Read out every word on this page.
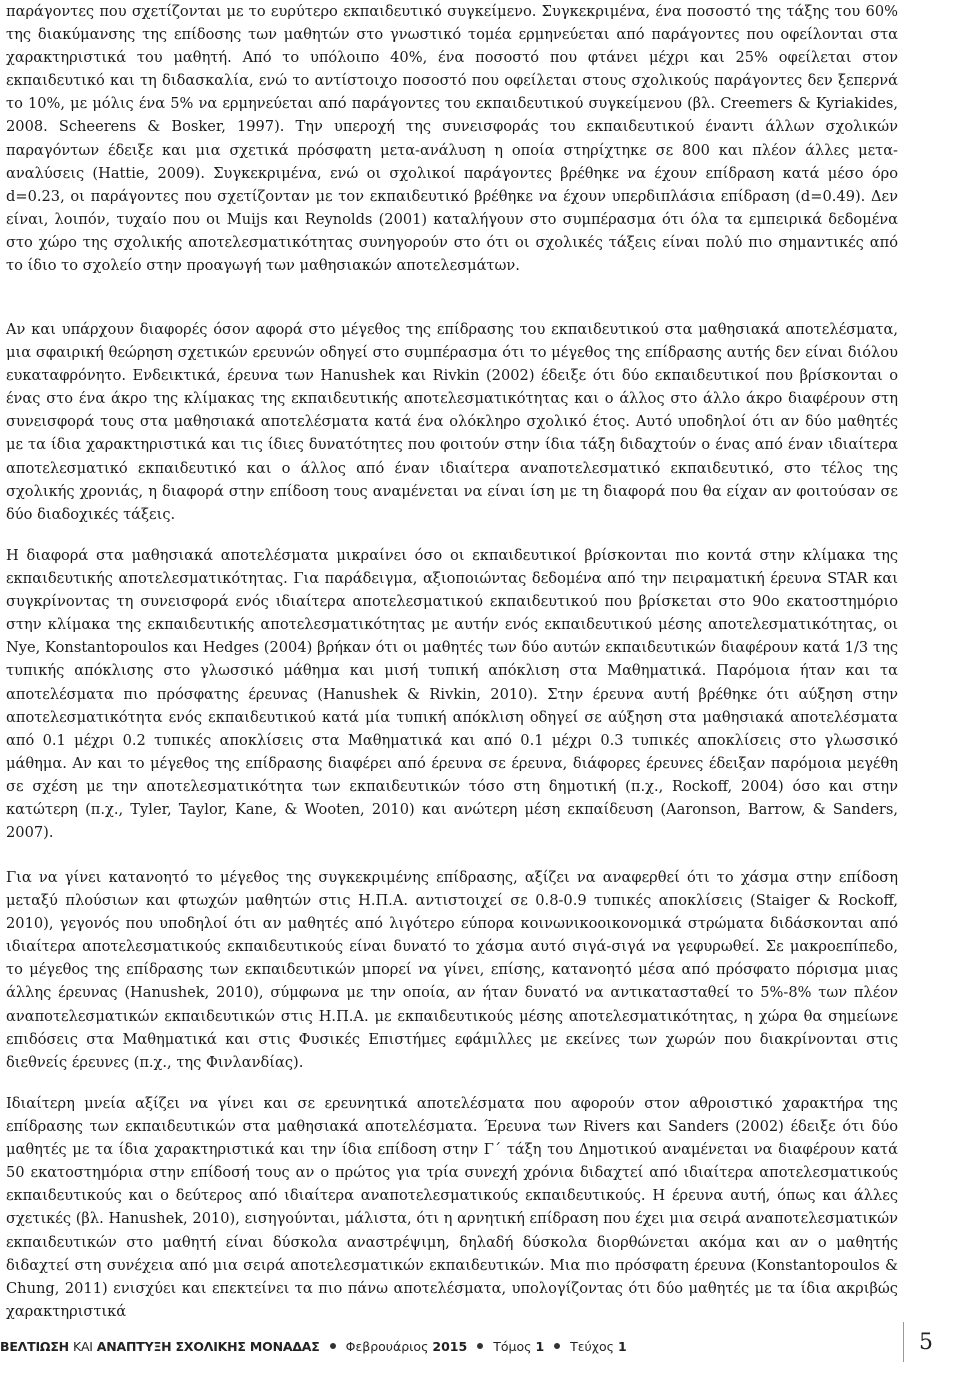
παράγοντες που σχετίζονται με το ευρύτερο εκπαιδευτικό συγκείμενο. Συγκεκριμένα, ένα ποσοστό της τάξης του 60% της διακύμανσης της επίδοσης των μαθητών στο γνωστικό τομέα ερμηνεύεται από παράγοντες που οφείλονται στα χαρακτηριστικά του μαθητή. Από το υπόλοιπο 40%, ένα ποσοστό που φτάνει μέχρι και 25% οφείλεται στον εκπαιδευτικό και τη διδασκαλία, ενώ το αντίστοιχο ποσοστό που οφείλεται στους σχολικούς παράγοντες δεν ξεπερνά το 10%, με μόλις ένα 5% να ερμηνεύεται από παράγοντες του εκπαιδευτικού συγκείμενου (βλ. Creemers & Kyriakides, 2008. Scheerens & Bosker, 1997). Την υπεροχή της συνεισφοράς του εκπαιδευτικού έναντι άλλων σχολικών παραγόντων έδειξε και μια σχετικά πρόσφατη μετα-ανάλυση η οποία στηρίχτηκε σε 800 και πλέον άλλες μετα-αναλύσεις (Hattie, 2009). Συγκεκριμένα, ενώ οι σχολικοί παράγοντες βρέθηκε να έχουν επίδραση κατά μέσο όρο d=0.23, οι παράγοντες που σχετίζονταν με τον εκπαιδευτικό βρέθηκε να έχουν υπερδιπλάσια επίδραση (d=0.49). Δεν είναι, λοιπόν, τυχαίο που οι Muijs και Reynolds (2001) καταλήγουν στο συμπέρασμα ότι όλα τα εμπειρικά δεδομένα στο χώρο της σχολικής αποτελεσματικότητας συνηγορούν στο ότι οι σχολικές τάξεις είναι πολύ πιο σημαντικές από το ίδιο το σχολείο στην προαγωγή των μαθησιακών αποτελεσμάτων.

Αν και υπάρχουν διαφορές όσον αφορά στο μέγεθος της επίδρασης του εκπαιδευτικού στα μαθησιακά αποτελέσματα, μια σφαιρική θεώρηση σχετικών ερευνών οδηγεί στο συμπέρασμα ότι το μέγεθος της επίδρασης αυτής δεν είναι διόλου ευκαταφρόνητο. Ενδεικτικά, έρευνα των Hanushek και Rivkin (2002) έδειξε ότι δύο εκπαιδευτικοί που βρίσκονται ο ένας στο ένα άκρο της κλίμακας της εκπαιδευτικής αποτελεσματικότητας και ο άλλος στο άλλο άκρο διαφέρουν στη συνεισφορά τους στα μαθησιακά αποτελέσματα κατά ένα ολόκληρο σχολικό έτος. Αυτό υποδηλοί ότι αν δύο μαθητές με τα ίδια χαρακτηριστικά και τις ίδιες δυνατότητες που φοιτούν στην ίδια τάξη διδαχτούν ο ένας από έναν ιδιαίτερα αποτελεσματικό εκπαιδευτικό και ο άλλος από έναν ιδιαίτερα αναποτελεσματικό εκπαιδευτικό, στο τέλος της σχολικής χρονιάς, η διαφορά στην επίδοση τους αναμένεται να είναι ίση με τη διαφορά που θα είχαν αν φοιτούσαν σε δύο διαδοχικές τάξεις.

Η διαφορά στα μαθησιακά αποτελέσματα μικραίνει όσο οι εκπαιδευτικοί βρίσκονται πιο κοντά στην κλίμακα της εκπαιδευτικής αποτελεσματικότητας. Για παράδειγμα, αξιοποιώντας δεδομένα από την πειραματική έρευνα STAR και συγκρίνοντας τη συνεισφορά ενός ιδιαίτερα αποτελεσματικού εκπαιδευτικού που βρίσκεται στο 90ο εκατοστημόριο στην κλίμακα της εκπαιδευτικής αποτελεσματικότητας με αυτήν ενός εκπαιδευτικού μέσης αποτελεσματικότητας, οι Nye, Konstantopoulos και Hedges (2004) βρήκαν ότι οι μαθητές των δύο αυτών εκπαιδευτικών διαφέρουν κατά 1/3 της τυπικής απόκλισης στο γλωσσικό μάθημα και μισή τυπική απόκλιση στα Μαθηματικά. Παρόμοια ήταν και τα αποτελέσματα πιο πρόσφατης έρευνας (Hanushek & Rivkin, 2010). Στην έρευνα αυτή βρέθηκε ότι αύξηση στην αποτελεσματικότητα ενός εκπαιδευτικού κατά μία τυπική απόκλιση οδηγεί σε αύξηση στα μαθησιακά αποτελέσματα από 0.1 μέχρι 0.2 τυπικές αποκλίσεις στα Μαθηματικά και από 0.1 μέχρι 0.3 τυπικές αποκλίσεις στο γλωσσικό μάθημα. Αν και το μέγεθος της επίδρασης διαφέρει από έρευνα σε έρευνα, διάφορες έρευνες έδειξαν παρόμοια μεγέθη σε σχέση με την αποτελεσματικότητα των εκπαιδευτικών τόσο στη δημοτική (π.χ., Rockoff, 2004) όσο και στην κατώτερη (π.χ., Tyler, Taylor, Kane, & Wooten, 2010) και ανώτερη μέση εκπαίδευση (Aaronson, Barrow, & Sanders, 2007).

Για να γίνει κατανοητό το μέγεθος της συγκεκριμένης επίδρασης, αξίζει να αναφερθεί ότι το χάσμα στην επίδοση μεταξύ πλούσιων και φτωχών μαθητών στις Η.Π.Α. αντιστοιχεί σε 0.8-0.9 τυπικές αποκλίσεις (Staiger & Rockoff, 2010), γεγονός που υποδηλοί ότι αν μαθητές από λιγότερο εύπορα κοινωνικοοικονομικά στρώματα διδάσκονται από ιδιαίτερα αποτελεσματικούς εκπαιδευτικούς είναι δυνατό το χάσμα αυτό σιγά-σιγά να γεφυρωθεί. Σε μακροεπίπεδο, το μέγεθος της επίδρασης των εκπαιδευτικών μπορεί να γίνει, επίσης, κατανοητό μέσα από πρόσφατο πόρισμα μιας άλλης έρευνας (Hanushek, 2010), σύμφωνα με την οποία, αν ήταν δυνατό να αντικατασταθεί το 5%-8% των πλέον αναποτελεσματικών εκπαιδευτικών στις Η.Π.Α. με εκπαιδευτικούς μέσης αποτελεσματικότητας, η χώρα θα σημείωνε επιδόσεις στα Μαθηματικά και στις Φυσικές Επιστήμες εφάμιλλες με εκείνες των χωρών που διακρίνονται στις διεθνείς έρευνες (π.χ., της Φινλανδίας).

Ιδιαίτερη μνεία αξίζει να γίνει και σε ερευνητικά αποτελέσματα που αφορούν στον αθροιστικό χαρακτήρα της επίδρασης των εκπαιδευτικών στα μαθησιακά αποτελέσματα. Έρευνα των Rivers και Sanders (2002) έδειξε ότι δύο μαθητές με τα ίδια χαρακτηριστικά και την ίδια επίδοση στην Γ΄ τάξη του Δημοτικού αναμένεται να διαφέρουν κατά 50 εκατοστημόρια στην επίδοσή τους αν ο πρώτος για τρία συνεχή χρόνια διδαχτεί από ιδιαίτερα αποτελεσματικούς εκπαιδευτικούς και ο δεύτερος από ιδιαίτερα αναποτελεσματικούς εκπαιδευτικούς. Η έρευνα αυτή, όπως και άλλες σχετικές (βλ. Hanushek, 2010), εισηγούνται, μάλιστα, ότι η αρνητική επίδραση που έχει μια σειρά αναποτελεσματικών εκπαιδευτικών στο μαθητή είναι δύσκολα αναστρέψιμη, δηλαδή δύσκολα διορθώνεται ακόμα και αν ο μαθητής διδαχτεί στη συνέχεια από μια σειρά αποτελεσματικών εκπαιδευτικών. Μια πιο πρόσφατη έρευνα (Konstantopoulos & Chung, 2011) ενισχύει και επεκτείνει τα πιο πάνω αποτελέσματα, υπολογίζοντας ότι δύο μαθητές με τα ίδια ακριβώς χαρακτηριστικά

ΒΕΛΤΙΩΣΗ ΚΑΙ ΑΝΑΠΤΥΞΗ ΣΧΟΛΙΚΗΣ ΜΟΝΑΔΑΣ Φεβρουάριος 2015 Τόμος 1 Τεύχος 1	5
